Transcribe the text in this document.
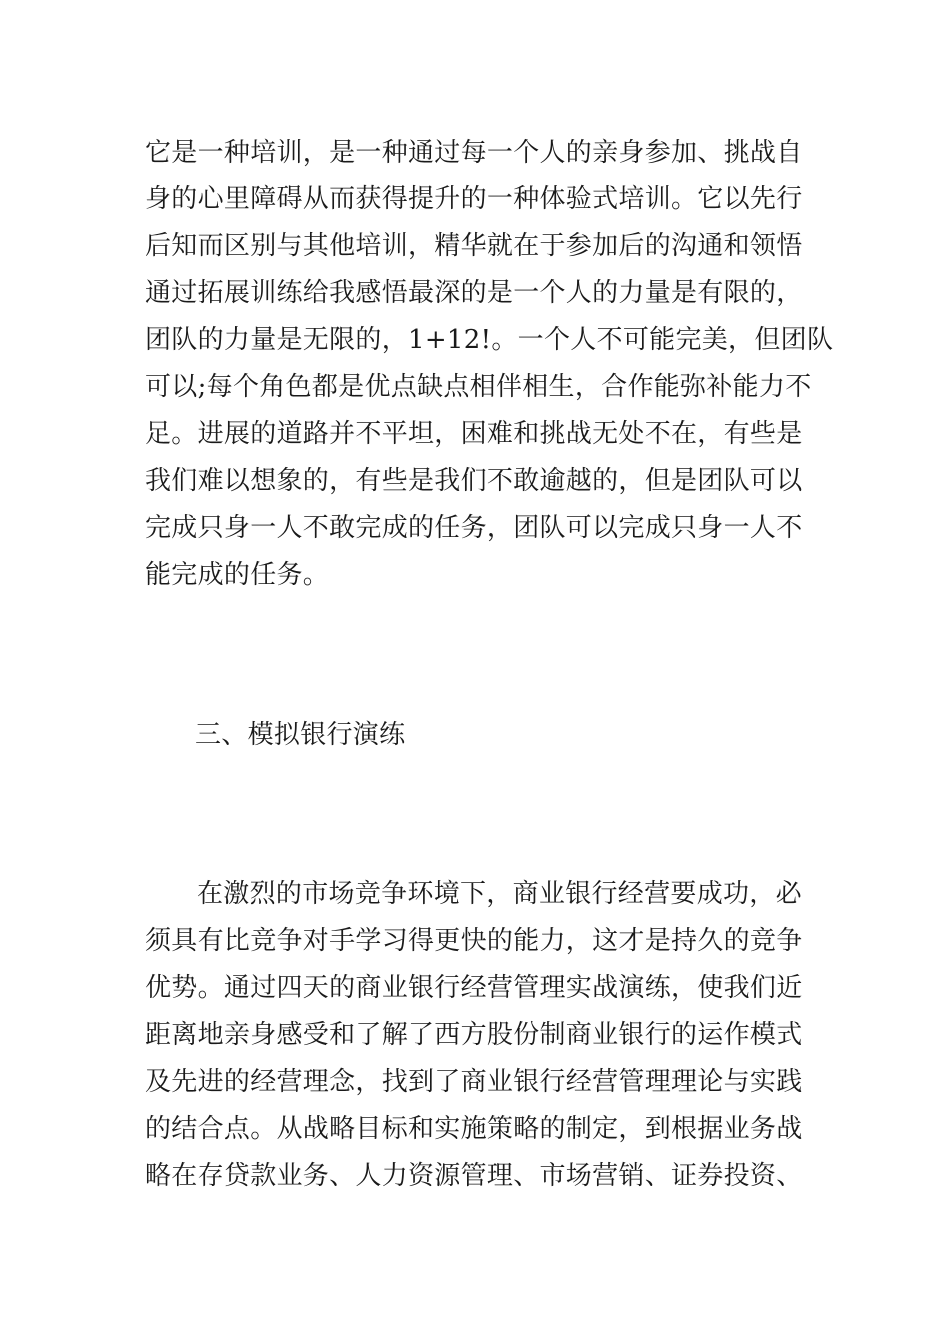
它是一种培训，是一种通过每一个人的亲身参加、挑战自
身的心里障碍从而获得提升的一种体验式培训。它以先行
后知而区别与其他培训，精华就在于参加后的沟通和领悟
通过拓展训练给我感悟最深的是一个人的力量是有限的，
团队的力量是无限的，1+12!。一个人不可能完美，但团队
可以;每个角色都是优点缺点相伴相生，合作能弥补能力不
足。进展的道路并不平坦，困难和挑战无处不在，有些是
我们难以想象的，有些是我们不敢逾越的，但是团队可以
完成只身一人不敢完成的任务，团队可以完成只身一人不
能完成的任务。
三、模拟银行演练
在激烈的市场竞争环境下，商业银行经营要成功，必
须具有比竞争对手学习得更快的能力，这才是持久的竞争
优势。通过四天的商业银行经营管理实战演练，使我们近
距离地亲身感受和了解了西方股份制商业银行的运作模式
及先进的经营理念，找到了商业银行经营管理理论与实践
的结合点。从战略目标和实施策略的制定，到根据业务战
略在存贷款业务、人力资源管理、市场营销、证券投资、
